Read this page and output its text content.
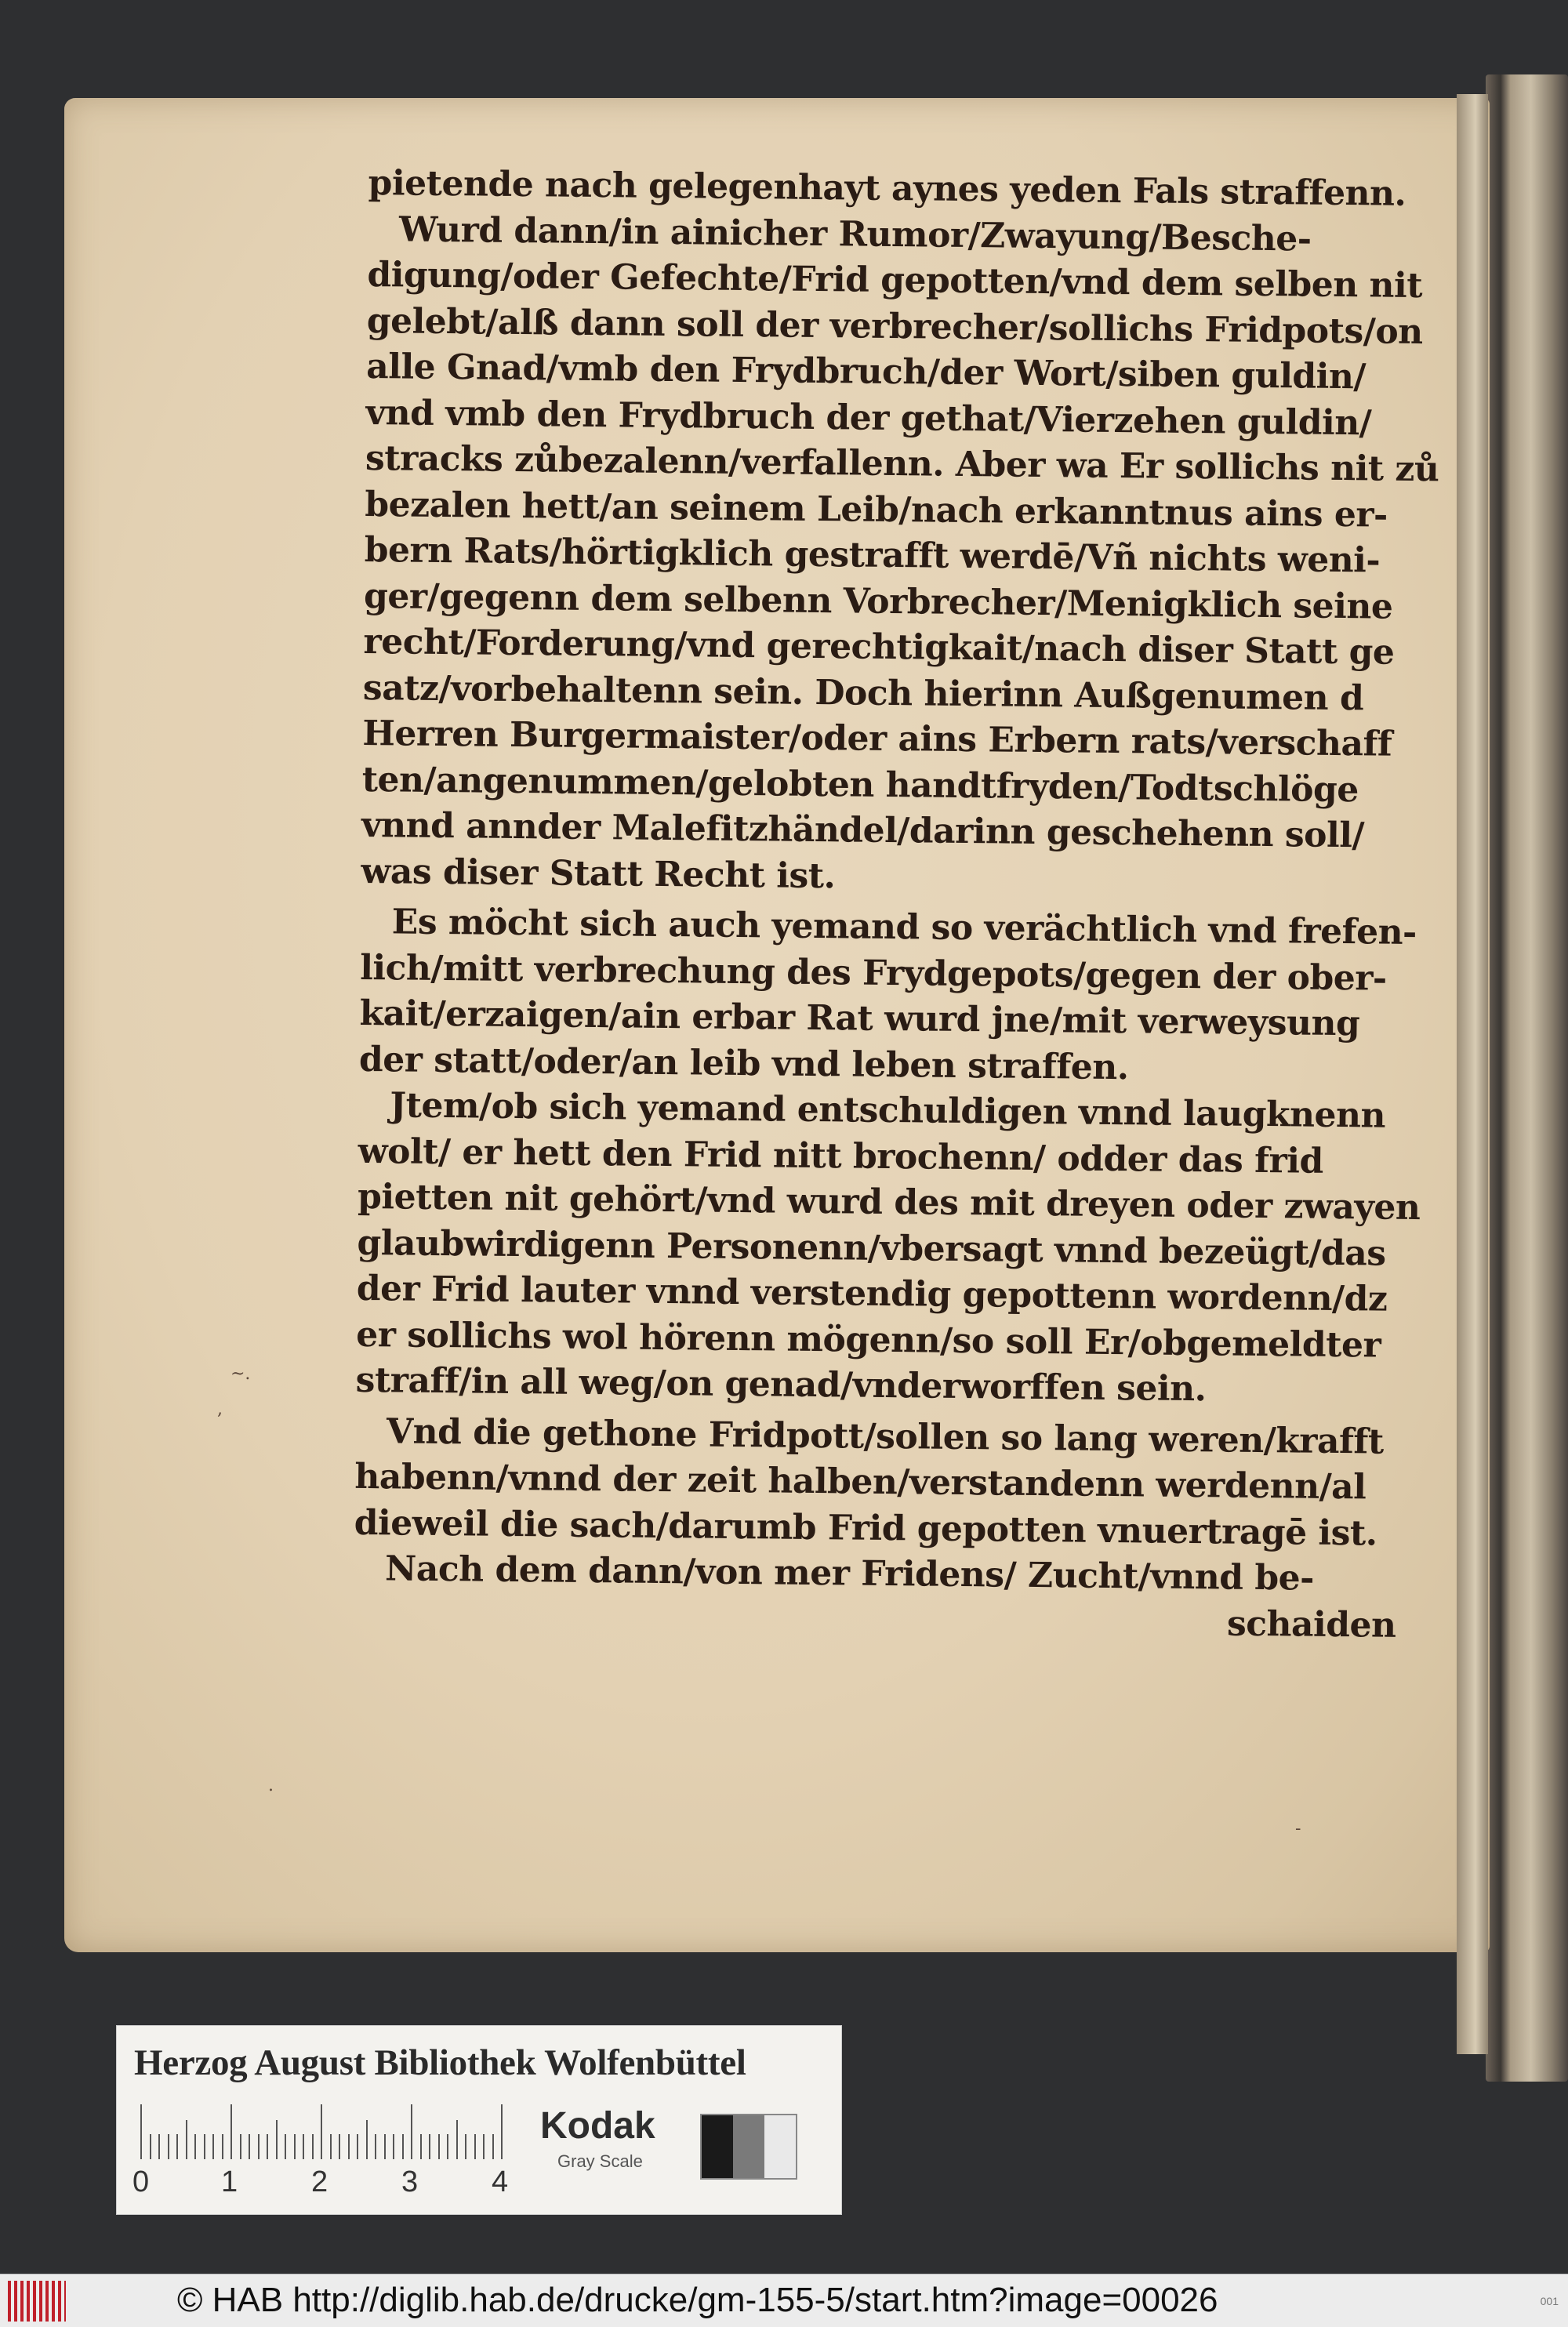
~.
,
-
.
pietende nach gelegenhayt aynes yeden Fals straffenn.
Wurd dann/in ainicher Rumor/Zwayung/Besche-
digung/oder Gefechte/Frid gepotten/vnd dem selben nit
gelebt/alß dann soll der verbrecher/sollichs Fridpots/on
alle Gnad/vmb den Frydbruch/der Wort/siben guldin/
vnd vmb den Frydbruch der gethat/Vierzehen guldin/
stracks zůbezalenn/verfallenn. Aber wa Er sollichs nit zů
bezalen hett/an seinem Leib/nach erkanntnus ains er-
bern Rats/hörtigklich gestrafft werdē/Vñ nichts weni-
ger/gegenn dem selbenn Vorbrecher/Menigklich seine
recht/Forderung/vnd gerechtigkait/nach diser Statt ge
satz/vorbehaltenn sein. Doch hierinn Außgenumen d
Herren Burgermaister/oder ains Erbern rats/verschaff
ten/angenummen/gelobten handtfryden/Todtschlöge
vnnd annder Malefitzhändel/darinn geschehenn soll/
was diser Statt Recht ist.
Es möcht sich auch yemand so verächtlich vnd frefen-
lich/mitt verbrechung des Frydgepots/gegen der ober-
kait/erzaigen/ain erbar Rat wurd jne/mit verweysung
der statt/oder/an leib vnd leben straffen.
Jtem/ob sich yemand entschuldigen vnnd laugknenn
wolt/ er hett den Frid nitt brochenn/ odder das frid
pietten nit gehört/vnd wurd des mit dreyen oder zwayen
glaubwirdigenn Personenn/vbersagt vnnd bezeügt/das
der Frid lauter vnnd verstendig gepottenn wordenn/dz
er sollichs wol hörenn mögenn/so soll Er/obgemeldter
straff/in all weg/on genad/vnderworffen sein.
Vnd die gethone Fridpott/sollen so lang weren/krafft
habenn/vnnd der zeit halben/verstandenn werdenn/al
dieweil die sach/darumb Frid gepotten vnuertragē ist.
Nach dem dann/von mer Fridens/ Zucht/vnnd be-
schaiden
Herzog August Bibliothek Wolfenbüttel
0 1 2 3 4
Kodak
Gray Scale
© HAB http://diglib.hab.de/drucke/gm-155-5/start.htm?image=00026	001
